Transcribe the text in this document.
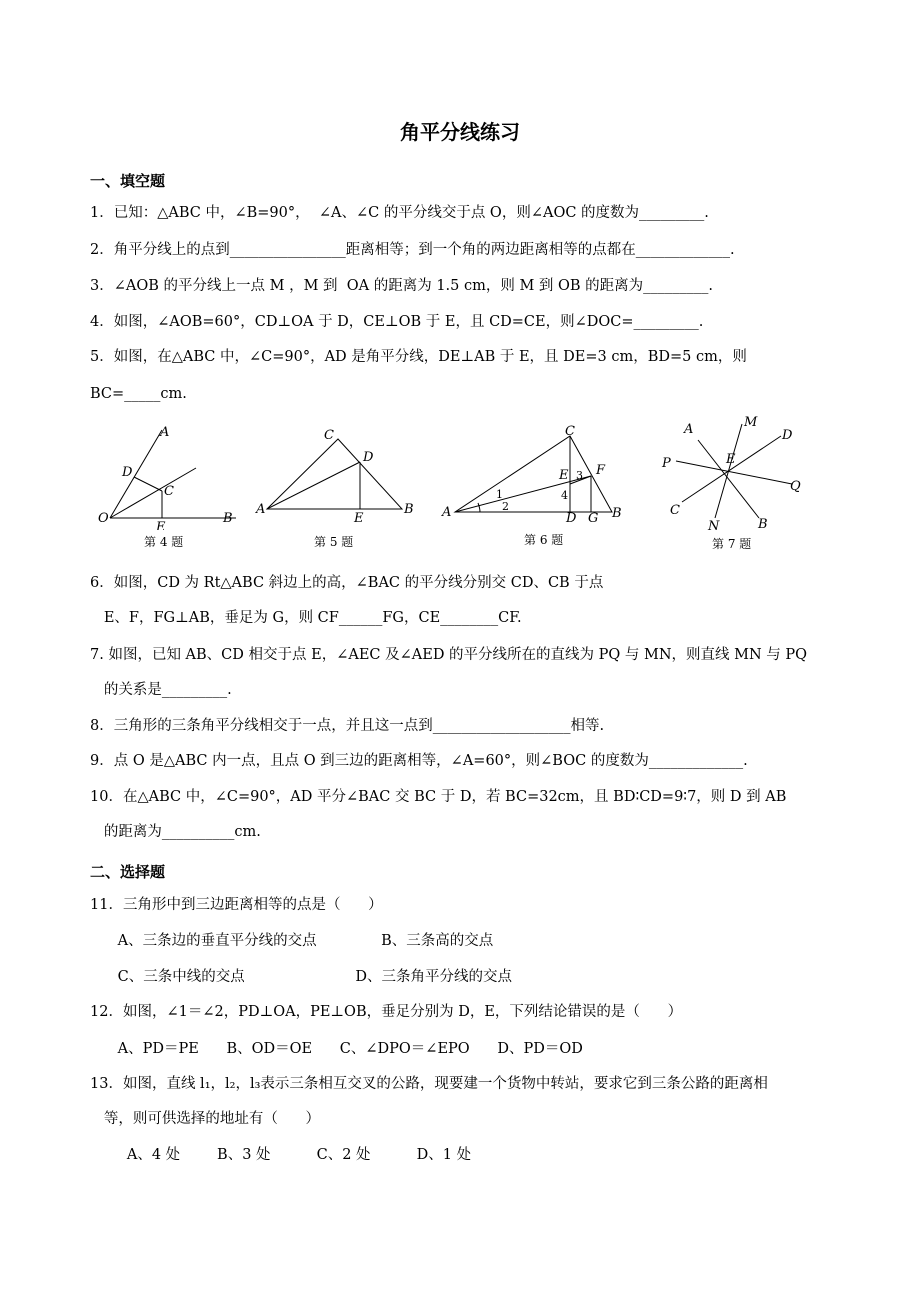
角平分线练习
一、填空题
1．已知：△ABC 中，∠B=90°，  ∠A、∠C 的平分线交于点 O，则∠AOC 的度数为_________.
2．角平分线上的点到________________距离相等；到一个角的两边距离相等的点都在_____________.
3．∠AOB 的平分线上一点 M ，M 到  OA 的距离为 1.5 cm，则 M 到 OB 的距离为_________.
4．如图，∠AOB=60°，CD⊥OA 于 D，CE⊥OB 于 E，且 CD=CE，则∠DOC=_________.
5．如图，在△ABC 中，∠C=90°，AD 是角平分线，DE⊥AB 于 E，且 DE=3 cm，BD=5 cm，则
BC=_____cm.
A
B
C
D
E
O
第 4 题
A	B
C
D
E
第 5 题
C
A	B
D
E F
G
1
2
3
4
第 6 题
A
B
C
D
E
M
N
P
Q
第 7 题
6．如图，CD 为 Rt△ABC 斜边上的高，∠BAC 的平分线分别交 CD、CB 于点
E、F，FG⊥AB，垂足为 G，则 CF______FG，CE________CF.
7. 如图，已知 AB、CD 相交于点 E，∠AEC 及∠AED 的平分线所在的直线为 PQ 与 MN，则直线 MN 与 PQ
的关系是_________.
8．三角形的三条角平分线相交于一点，并且这一点到___________________相等.
9．点 O 是△ABC 内一点，且点 O 到三边的距离相等，∠A=60°，则∠BOC 的度数为_____________.
10．在△ABC 中，∠C=90°，AD 平分∠BAC 交 BC 于 D，若 BC=32cm，且 BD∶CD=9∶7，则 D 到 AB
的距离为__________cm.
二、选择题
11．三角形中到三边距离相等的点是（      ）
A、三条边的垂直平分线的交点              B、三条高的交点
C、三条中线的交点                        D、三条角平分线的交点
12．如图，∠1＝∠2，PD⊥OA，PE⊥OB，垂足分别为 D，E，下列结论错误的是（      ）
A、PD＝PE      B、OD＝OE      C、∠DPO＝∠EPO      D、PD＝OD
13．如图，直线 l₁，l₂，l₃表示三条相互交叉的公路，现要建一个货物中转站，要求它到三条公路的距离相
等，则可供选择的地址有（      ）
A、4 处        B、3 处          C、2 处          D、1 处
